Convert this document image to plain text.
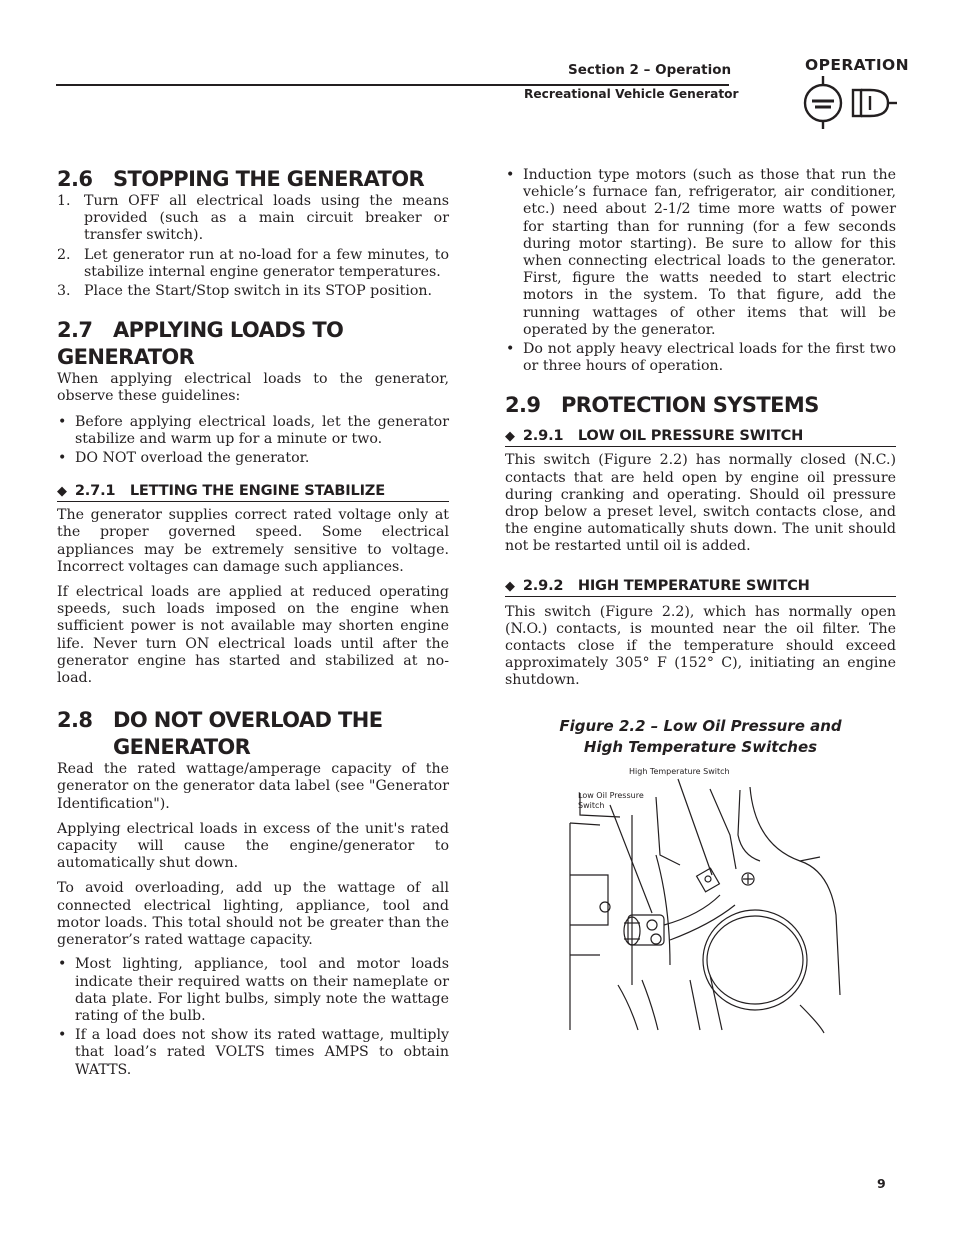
Section 2 – Operation
Recreational Vehicle Generator
OPERATION
2.6 STOPPING THE GENERATOR
1. Turn OFF all electrical loads using the means provided (such as a main circuit breaker or transfer switch).
2. Let generator run at no-load for a few minutes, to stabilize internal engine generator temperatures.
3. Place the Start/Stop switch in its STOP position.
2.7 APPLYING LOADS TO GENERATOR

When applying electrical loads to the generator, observe these guidelines:

• Before applying electrical loads, let the generator stabilize and warm up for a minute or two.
• DO NOT overload the generator.
◆ 2.7.1 LETTING THE ENGINE STABILIZE

The generator supplies correct rated voltage only at the proper governed speed. Some electrical appliances may be extremely sensitive to voltage. Incorrect voltages can damage such appliances.

If electrical loads are applied at reduced operating speeds, such loads imposed on the engine when sufficient power is not available may shorten engine life. Never turn ON electrical loads until after the generator engine has started and stabilized at no-load.

2.8 DO NOT OVERLOAD THE
GENERATOR

Read the rated wattage/amperage capacity of the generator on the generator data label (see "Generator Identification").

Applying electrical loads in excess of the unit's rated capacity will cause the engine/generator to automatically shut down.

To avoid overloading, add up the wattage of all connected electrical lighting, appliance, tool and motor loads. This total should not be greater than the generator’s rated wattage capacity.

• Most lighting, appliance, tool and motor loads indicate their required watts on their nameplate or data plate. For light bulbs, simply note the wattage rating of the bulb.
• If a load does not show its rated wattage, multiply that load’s rated VOLTS times AMPS to obtain WATTS.
• Induction type motors (such as those that run the vehicle’s furnace fan, refrigerator, air conditioner, etc.) need about 2-1/2 time more watts of power for starting than for running (for a few seconds during motor starting). Be sure to allow for this when connecting electrical loads to the generator. First, figure the watts needed to start electric motors in the system. To that figure, add the running wattages of other items that will be operated by the generator.
• Do not apply heavy electrical loads for the first two or three hours of operation.
2.9 PROTECTION SYSTEMS
◆ 2.9.1 LOW OIL PRESSURE SWITCH

This switch (Figure 2.2) has normally closed (N.C.) contacts that are held open by engine oil pressure during cranking and operating. Should oil pressure drop below a preset level, switch contacts close, and the engine automatically shuts down. The unit should not be restarted until oil is added.

◆ 2.9.2 HIGH TEMPERATURE SWITCH

This switch (Figure 2.2), which has normally open (N.O.) contacts, is mounted near the oil filter. The contacts close if the temperature should exceed approximately 305° F (152° C), initiating an engine shutdown.

Figure 2.2 – Low Oil Pressure and
High Temperature Switches
High Temperature Switch
Low Oil Pressure
Switch
9
